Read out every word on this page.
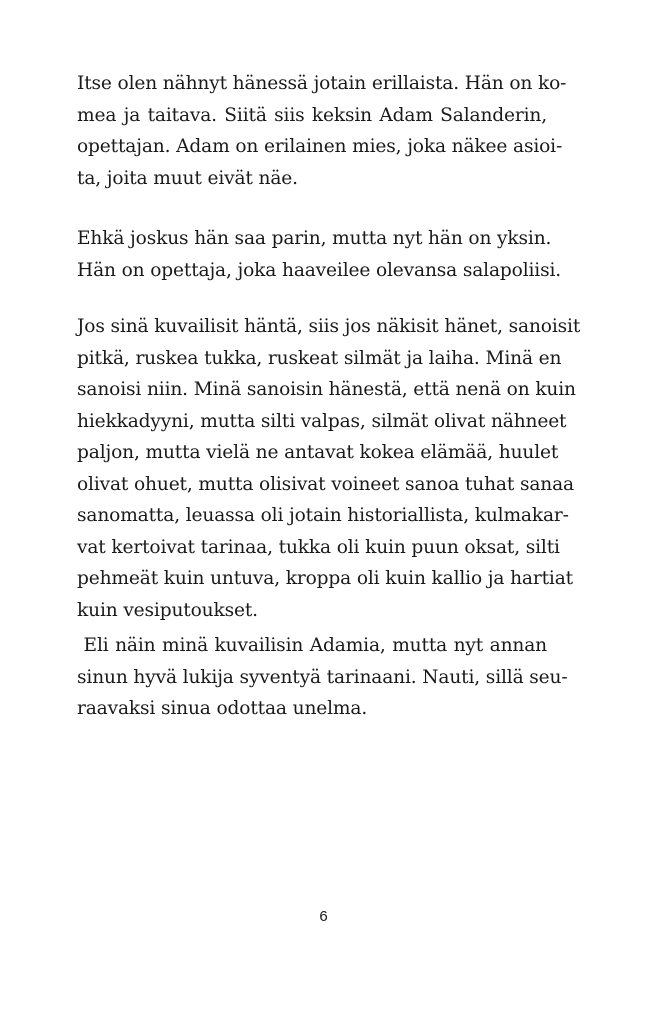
Itse olen nähnyt hänessä jotain erillaista. Hän on ko-
mea ja taitava. Siitä siis keksin Adam Salanderin,
opettajan. Adam on erilainen mies, joka näkee asioi-
ta, joita muut eivät näe.
Ehkä joskus hän saa parin, mutta nyt hän on yksin.
Hän on opettaja, joka haaveilee olevansa salapoliisi.
Jos sinä kuvailisit häntä, siis jos näkisit hänet, sanoisit
pitkä, ruskea tukka, ruskeat silmät ja laiha. Minä en
sanoisi niin. Minä sanoisin hänestä, että nenä on kuin
hiekkadyyni, mutta silti valpas, silmät olivat nähneet
paljon, mutta vielä ne antavat kokea elämää, huulet
olivat ohuet, mutta olisivat voineet sanoa tuhat sanaa
sanomatta, leuassa oli jotain historiallista, kulmakar-
vat kertoivat tarinaa, tukka oli kuin puun oksat, silti
pehmeät kuin untuva, kroppa oli kuin kallio ja hartiat
kuin vesiputoukset.
Eli näin minä kuvailisin Adamia, mutta nyt annan
sinun hyvä lukija syventyä tarinaani. Nauti, sillä seu-
raavaksi sinua odottaa unelma.
6
